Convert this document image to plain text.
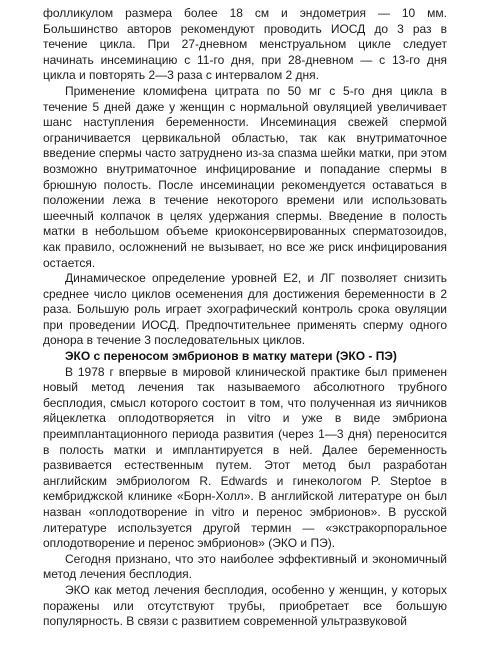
фолликулом размера более 18 см и эндометрия — 10 мм. Большинство авторов рекомендуют проводить ИОСД до 3 раз в течение цикла. При 27-дневном менструальном цикле следует начинать инсеминацию с 11-го дня, при 28-дневном — с 13-го дня цикла и повторять 2—3 раза с интервалом 2 дня.

Применение кломифена цитрата по 50 мг с 5-го дня цикла в течение 5 дней даже у женщин с нормальной овуляцией увеличивает шанс наступления беременности. Инсеминация свежей спермой ограничивается цервикальной областью, так как внутриматочное введение спермы часто затруднено из-за спазма шейки матки, при этом возможно внутриматочное инфицирование и попадание спермы в брюшную полость. После инсеминации рекомендуется оставаться в положении лежа в течение некоторого времени или использовать шеечный колпачок в целях удержания спермы. Введение в полость матки в небольшом объеме криоконсервированных сперматозоидов, как правило, осложнений не вызывает, но все же риск инфицирования остается.

Динамическое определение уровней Е2, и ЛГ позволяет снизить среднее число циклов осеменения для достижения беременности в 2 раза. Большую роль играет эхографический контроль срока овуляции при проведении ИОСД. Предпочтительнее применять сперму одного донора в течение 3 последовательных циклов.

ЭКО с переносом эмбрионов в матку матери (ЭКО - ПЭ)

В 1978 г впервые в мировой клинической практике был применен новый метод лечения так называемого абсолютного трубного бесплодия, смысл которого состоит в том, что полученная из яичников яйцеклетка оплодотворяется in vitro и уже в виде эмбриона преимплантационного периода развития (через 1—3 дня) переносится в полость матки и имплантируется в ней. Далее беременность развивается естественным путем. Этот метод был разработан английским эмбриологом R. Edwards и гинекологом P. Steptoe в кембриджской клинике «Борн-Холл». В английской литературе он был назван «оплодотворение in vitro и перенос эмбрионов». В русской литературе используется другой термин — «экстракорпоральное оплодотворение и перенос эмбрионов» (ЭКО и ПЭ).

Сегодня признано, что это наиболее эффективный и экономичный метод лечения бесплодия.

ЭКО как метод лечения бесплодия, особенно у женщин, у которых поражены или отсутствуют трубы, приобретает все большую популярность. В связи с развитием современной ультразвуковой
